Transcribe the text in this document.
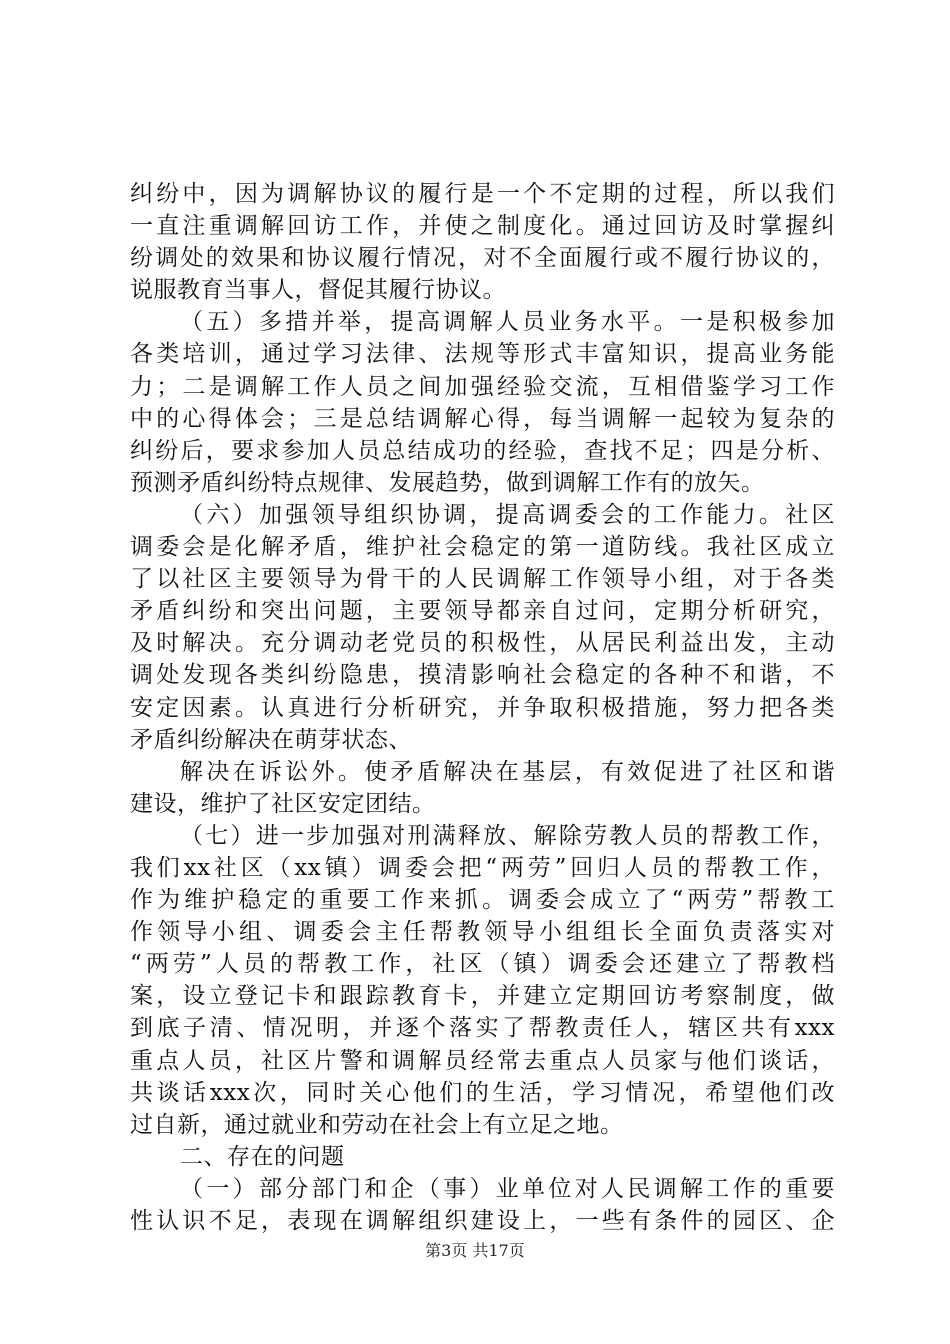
纠纷中，因为调解协议的履行是一个不定期的过程，所以我们
一直注重调解回访工作，并使之制度化。通过回访及时掌握纠
纷调处的效果和协议履行情况，对不全面履行或不履行协议的，
说服教育当事人，督促其履行协议。
（五）多措并举，提高调解人员业务水平。一是积极参加
各类培训，通过学习法律、法规等形式丰富知识，提高业务能
力；二是调解工作人员之间加强经验交流，互相借鉴学习工作
中的心得体会；三是总结调解心得，每当调解一起较为复杂的
纠纷后，要求参加人员总结成功的经验，查找不足；四是分析、
预测矛盾纠纷特点规律、发展趋势，做到调解工作有的放矢。
（六）加强领导组织协调，提高调委会的工作能力。社区
调委会是化解矛盾，维护社会稳定的第一道防线。我社区成立
了以社区主要领导为骨干的人民调解工作领导小组，对于各类
矛盾纠纷和突出问题，主要领导都亲自过问，定期分析研究，
及时解决。充分调动老党员的积极性，从居民利益出发，主动
调处发现各类纠纷隐患，摸清影响社会稳定的各种不和谐，不
安定因素。认真进行分析研究，并争取积极措施，努力把各类
矛盾纠纷解决在萌芽状态、
解决在诉讼外。使矛盾解决在基层，有效促进了社区和谐
建设，维护了社区安定团结。
（七）进一步加强对刑满释放、解除劳教人员的帮教工作，
我们xx社区（xx镇）调委会把“两劳”回归人员的帮教工作，
作为维护稳定的重要工作来抓。调委会成立了“两劳”帮教工
作领导小组、调委会主任帮教领导小组组长全面负责落实对
“两劳”人员的帮教工作，社区（镇）调委会还建立了帮教档
案，设立登记卡和跟踪教育卡，并建立定期回访考察制度，做
到底子清、情况明，并逐个落实了帮教责任人，辖区共有xxx
重点人员，社区片警和调解员经常去重点人员家与他们谈话，
共谈话xxx次，同时关心他们的生活，学习情况，希望他们改
过自新，通过就业和劳动在社会上有立足之地。
二、存在的问题
（一）部分部门和企（事）业单位对人民调解工作的重要
性认识不足，表现在调解组织建设上，一些有条件的园区、企
第3页 共17页
